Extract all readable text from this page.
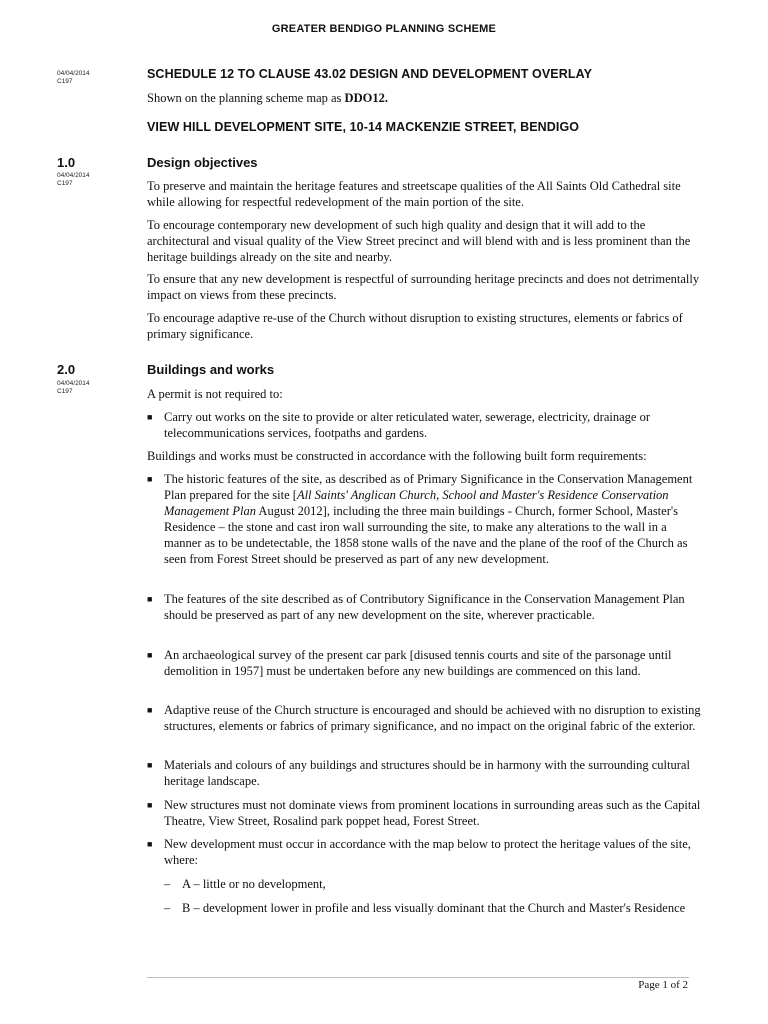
GREATER BENDIGO PLANNING SCHEME
04/04/2014
C197
SCHEDULE 12 TO CLAUSE 43.02 DESIGN AND DEVELOPMENT OVERLAY
Shown on the planning scheme map as DDO12.
VIEW HILL DEVELOPMENT SITE, 10-14 MACKENZIE STREET, BENDIGO
1.0
04/04/2014
C197
Design objectives
To preserve and maintain the heritage features and streetscape qualities of the All Saints Old Cathedral site while allowing for respectful redevelopment of the main portion of the site.
To encourage contemporary new development of such high quality and design that it will add to the architectural and visual quality of the View Street precinct and will blend with and is less prominent than the heritage buildings already on the site and nearby.
To ensure that any new development is respectful of surrounding heritage precincts and does not detrimentally impact on views from these precincts.
To encourage adaptive re-use of the Church without disruption to existing structures, elements or fabrics of primary significance.
2.0
04/04/2014
C197
Buildings and works
A permit is not required to:
■ Carry out works on the site to provide or alter reticulated water, sewerage, electricity, drainage or telecommunications services, footpaths and gardens.
Buildings and works must be constructed in accordance with the following built form requirements:
■ The historic features of the site, as described as of Primary Significance in the Conservation Management Plan prepared for the site [All Saints' Anglican Church, School and Master's Residence Conservation Management Plan August 2012], including the three main buildings - Church, former School, Master's Residence – the stone and cast iron wall surrounding the site, to make any alterations to the wall in a manner as to be undetectable, the 1858 stone walls of the nave and the plane of the roof of the Church as seen from Forest Street should be preserved as part of any new development.
■ The features of the site described as of Contributory Significance in the Conservation Management Plan should be preserved as part of any new development on the site, wherever practicable.
■ An archaeological survey of the present car park [disused tennis courts and site of the parsonage until demolition in 1957] must be undertaken before any new buildings are commenced on this land.
■ Adaptive reuse of the Church structure is encouraged and should be achieved with no disruption to existing structures, elements or fabrics of primary significance, and no impact on the original fabric of the exterior.
■ Materials and colours of any buildings and structures should be in harmony with the surrounding cultural heritage landscape.
■ New structures must not dominate views from prominent locations in surrounding areas such as the Capital Theatre, View Street, Rosalind park poppet head, Forest Street.
■ New development must occur in accordance with the map below to protect the heritage values of the site, where:
– A – little or no development,
– B – development lower in profile and less visually dominant that the Church and Master's Residence
Page 1 of 2
